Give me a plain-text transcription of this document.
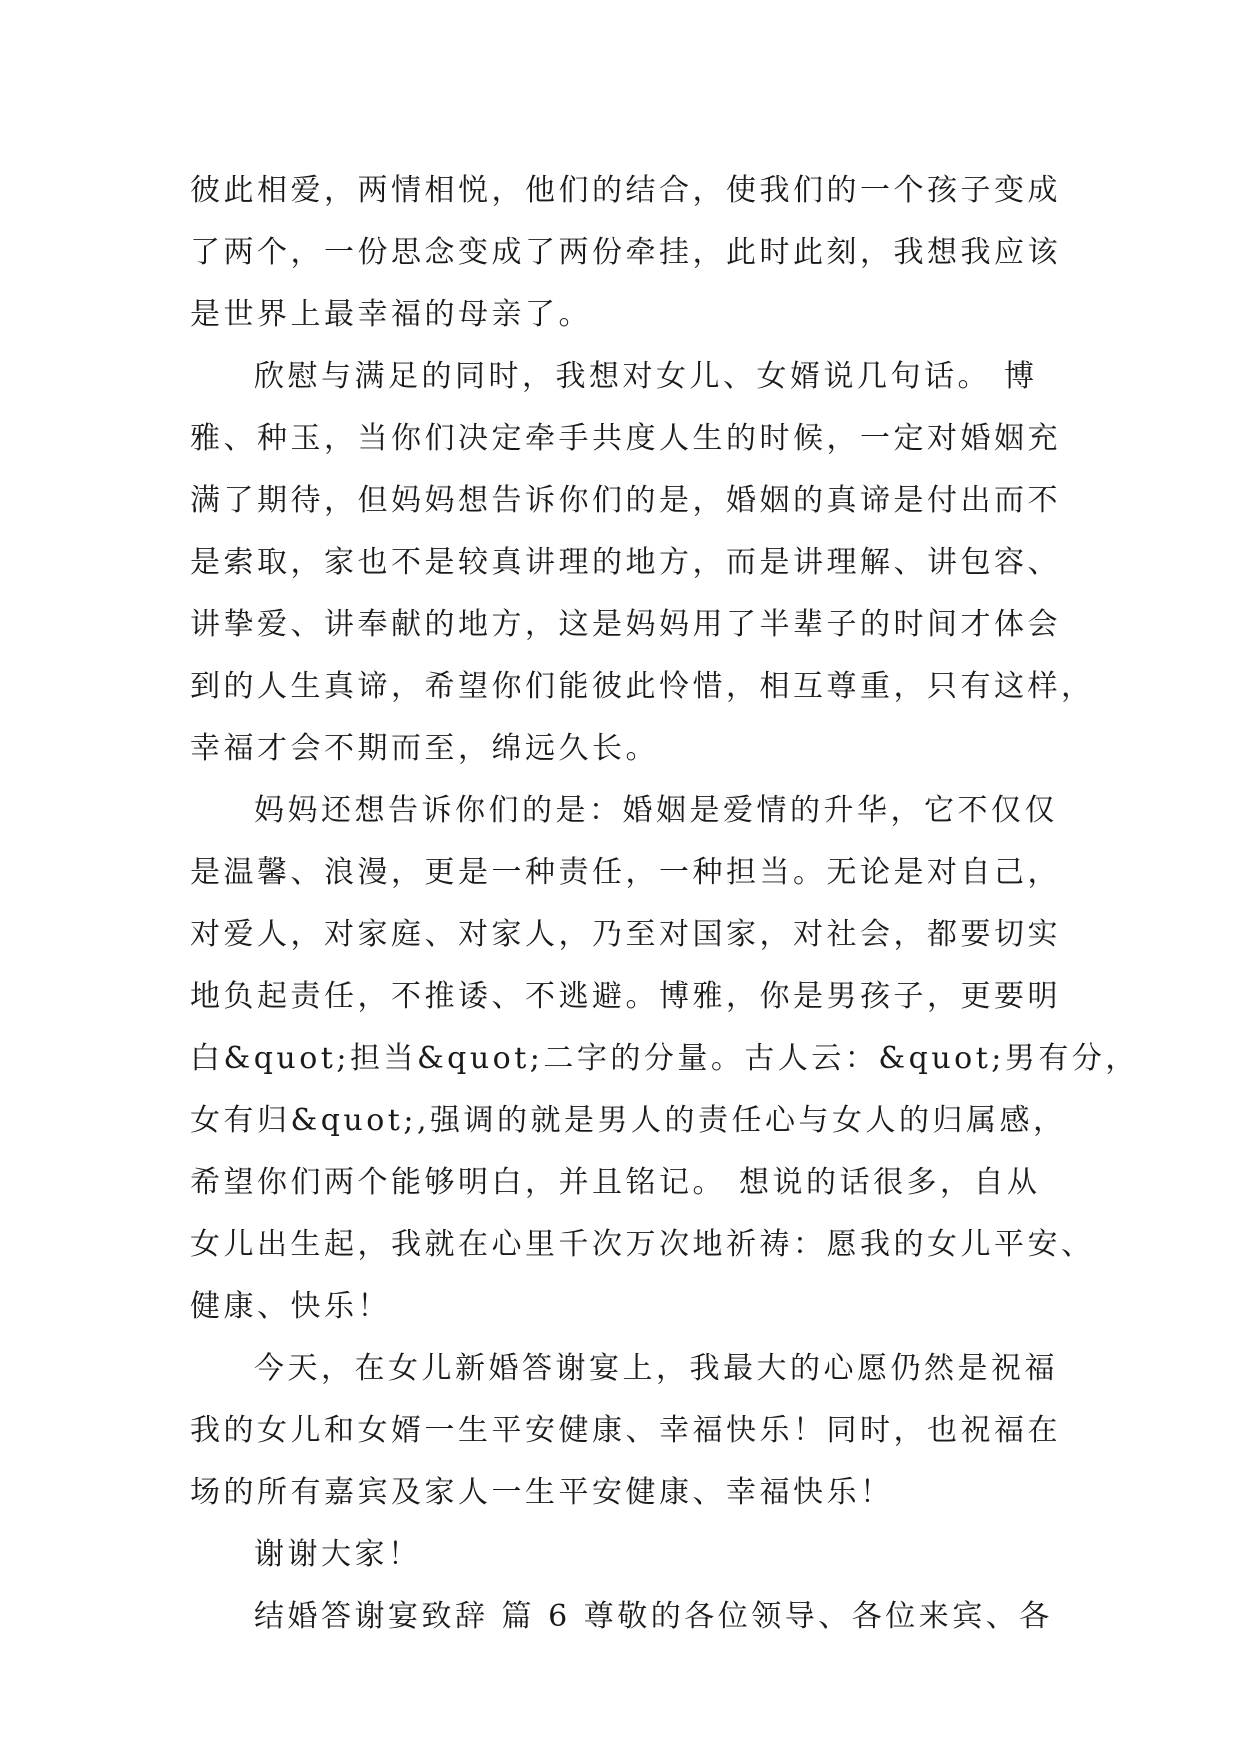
彼此相爱，两情相悦，他们的结合，使我们的一个孩子变成
了两个，一份思念变成了两份牵挂，此时此刻，我想我应该
是世界上最幸福的母亲了。
欣慰与满足的同时，我想对女儿、女婿说几句话。 博
雅、种玉，当你们决定牵手共度人生的时候，一定对婚姻充
满了期待，但妈妈想告诉你们的是，婚姻的真谛是付出而不
是索取，家也不是较真讲理的地方，而是讲理解、讲包容、
讲挚爱、讲奉献的地方，这是妈妈用了半辈子的时间才体会
到的人生真谛，希望你们能彼此怜惜，相互尊重，只有这样，
幸福才会不期而至，绵远久长。
妈妈还想告诉你们的是：婚姻是爱情的升华，它不仅仅
是温馨、浪漫，更是一种责任，一种担当。无论是对自己，
对爱人，对家庭、对家人，乃至对国家，对社会，都要切实
地负起责任，不推诿、不逃避。博雅，你是男孩子，更要明
白&quot;担当&quot;二字的分量。古人云：&quot;男有分，
女有归&quot;,强调的就是男人的责任心与女人的归属感，
希望你们两个能够明白，并且铭记。 想说的话很多，自从
女儿出生起，我就在心里千次万次地祈祷：愿我的女儿平安、
健康、快乐！
今天，在女儿新婚答谢宴上，我最大的心愿仍然是祝福
我的女儿和女婿一生平安健康、幸福快乐！同时，也祝福在
场的所有嘉宾及家人一生平安健康、幸福快乐！
谢谢大家！
结婚答谢宴致辞 篇 6 尊敬的各位领导、各位来宾、各
